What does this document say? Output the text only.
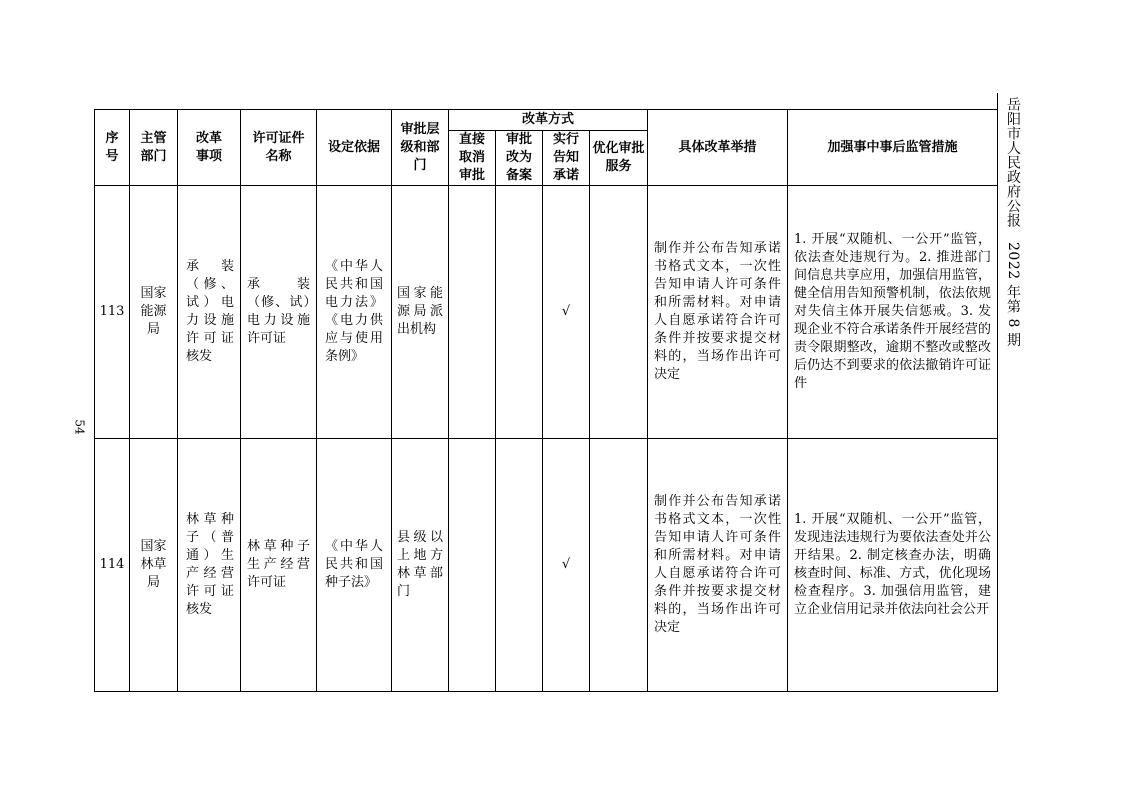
54
岳阳市人民政府公报　2022 年第 8 期
序号	主管部门	改革事项	许可证件名称	设定依据	审批层级和部门	改革方式				具体改革举措	加强事中事后监管措施
						直接取消审批	审批改为备案	实行告知承诺	优化审批服务		
113	国家能源局	承装（修、试）电力设施许可证核发	承装（修、试）电力设施许可证	《中华人民共和国电力法》《电力供应与使用条例》	国家能源局派出机构			√		制作并公布告知承诺书格式文本，一次性告知申请人许可条件和所需材料。对申请人自愿承诺符合许可条件并按要求提交材料的，当场作出许可决定	1. 开展“双随机、一公开”监管，依法查处违规行为。2. 推进部门间信息共享应用，加强信用监管，健全信用告知预警机制，依法依规对失信主体开展失信惩戒。3. 发现企业不符合承诺条件开展经营的责令限期整改，逾期不整改或整改后仍达不到要求的依法撤销许可证件
114	国家林草局	林草种子（普通）生产经营许可证核发	林草种子生产经营许可证	《中华人民共和国种子法》	县级以上地方林草部门			√		制作并公布告知承诺书格式文本，一次性告知申请人许可条件和所需材料。对申请人自愿承诺符合许可条件并按要求提交材料的，当场作出许可决定	1. 开展“双随机、一公开”监管，发现违法违规行为要依法查处并公开结果。2. 制定核查办法，明确核查时间、标准、方式，优化现场检查程序。3. 加强信用监管，建立企业信用记录并依法向社会公开
